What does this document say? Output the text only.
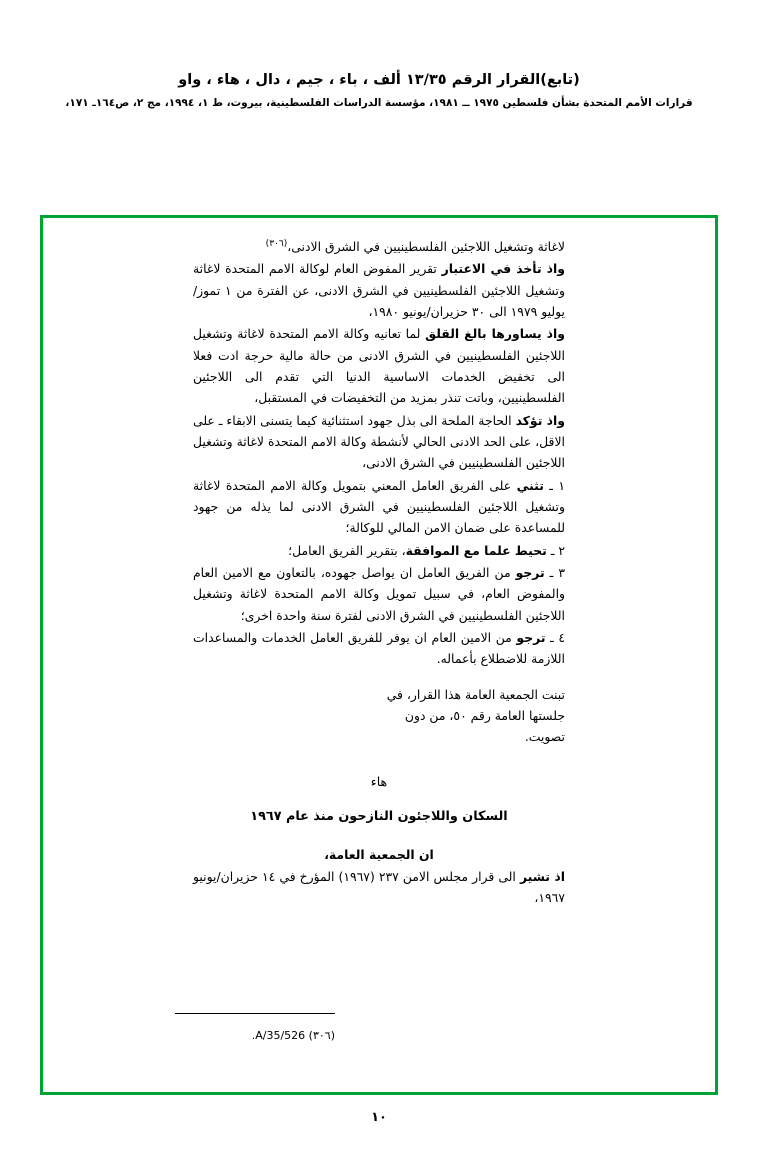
(تابع)القرار الرقم ١٣/٣٥ ألف ، باء ، جيم ، دال ، هاء ، واو
قرارات الأمم المتحدة بشأن فلسطين ١٩٧٥ ــ ١٩٨١، مؤسسة الدراسات الفلسطينية، بيروت، ط ١، ١٩٩٤، مج ٢، ص١٦٤ـ ١٧١،

لاغاثة وتشغيل اللاجئين الفلسطينيين في الشرق الادنى،$^{(٣٠٦)}$

واذ تأخذ في الاعتبار تقرير المفوض العام لوكالة الامم المتحدة لاغاثة وتشغيل اللاجئين الفلسطينيين في الشرق الادنى، عن الفترة من ١ تموز/يوليو ١٩٧٩ الى ٣٠ حزيران/يونيو ١٩٨٠،

واذ يساورها بالغ القلق لما تعانيه وكالة الامم المتحدة لاغاثة وتشغيل اللاجئين الفلسطينيين في الشرق الادنى من حالة مالية حرجة ادت فعلا الى تخفيض الخدمات الاساسية الدنيا التي تقدم الى اللاجئين الفلسطينيين، وباتت تنذر بمزيد من التخفيضات في المستقبل،

واذ تؤكد الحاجة الملحة الى بذل جهود استثنائية كيما يتسنى الابقاء ـ على الاقل، على الحد الادنى الحالي لأنشطة وكالة الامم المتحدة لاغاثة وتشغيل اللاجئين الفلسطينيين في الشرق الادنى،

١ ـ تثني على الفريق العامل المعني بتمويل وكالة الامم المتحدة لاغاثة وتشغيل اللاجئين الفلسطينيين في الشرق الادنى لما يذله من جهود للمساعدة على ضمان الامن المالي للوكالة؛

٢ ـ تحيط علما مع الموافقة، بتقرير الفريق العامل؛

٣ ـ ترجو من الفريق العامل ان يواصل جهوده، بالتعاون مع الامين العام والمفوض العام، في سبيل تمويل وكالة الامم المتحدة لاغاثة وتشغيل اللاجئين الفلسطينيين في الشرق الادنى لفترة سنة واحدة اخرى؛

٤ ـ ترجو من الامين العام ان يوفر للفريق العامل الخدمات والمساعدات اللازمة للاضطلاع بأعماله.

تبنت الجمعية العامة هذا القرار، في

جلستها العامة رقم ٥٠، من دون

تصويت.

هاء
السكان واللاجئون النازحون منذ عام ١٩٦٧

ان الجمعية العامة،

اذ تشير الى قرار مجلس الامن ٢٣٧ (١٩٦٧) المؤرخ في ١٤ حزيران/يونيو ١٩٦٧،

(٣٠٦) A/35/526.
١٠
